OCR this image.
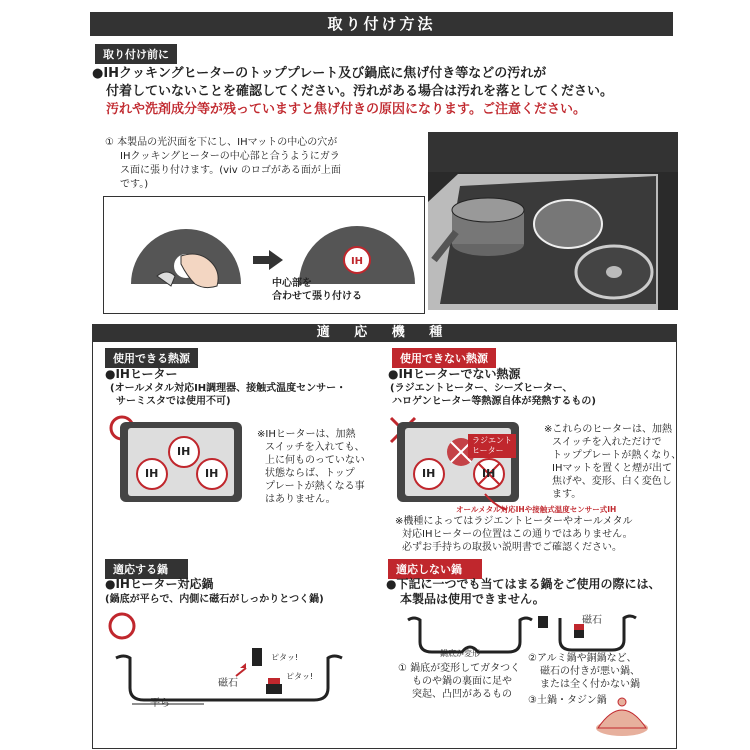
取り付け方法
取り付け前に
●IHクッキングヒーターのトッププレート及び鍋底に焦げ付き等などの汚れが
付着していないことを確認してください。汚れがある場合は汚れを落としてください。
汚れや洗剤成分等が残っていますと焦げ付きの原因になります。ご注意ください。
① 本製品の光沢面を下にし、IHマットの中心の穴が
IHクッキングヒーターの中心部と合うようにガラ
ス面に張り付けます。(viv のロゴがある面が上面
です。)
IH
中心部を
合わせて張り付ける
適 応 機 種
使用できる熱源
●IHヒーター
(オールメタル対応IH調理器、接触式温度センサー・
サーミスタでは使用不可)
IH
IH	IH
※IHヒーターは、加熱
スイッチを入れても、
上に何ものっていない
状態ならば、トップ
プレートが熱くなる事
はありません。
使用できない熱源
●IHヒーターでない熱源
(ラジエントヒーター、シーズヒーター、
ハロゲンヒーター等熱源自体が発熱するもの)
IH	IH
ラジエント
ヒーター
※これらのヒーターは、加熱
スイッチを入れただけで
トッププレートが熱くなり、
IHマットを置くと煙が出て
焦げや、変形、白く変色し
ます。
オールメタル対応IHや接触式温度センサー式IH
※機種によってはラジエントヒーターやオールメタル
対応IHヒーターの位置はこの通りではありません。
必ずお手持ちの取扱い説明書でご確認ください。
適応する鍋
●IHヒーター対応鍋
(鍋底が平らで、内側に磁石がしっかりとつく鍋)
平ら
磁石
ピタッ!
ピタッ!
適応しない鍋
●下記に一つでも当てはまる鍋をご使用の際には、
本製品は使用できません。
鍋底が変形
磁石
① 鍋底が変形してガタつく
ものや鍋の裏面に足や
突起、凸凹があるもの
②アルミ鍋や銅鍋など、
磁石の付きが悪い鍋、
または全く付かない鍋
③土鍋・タジン鍋
